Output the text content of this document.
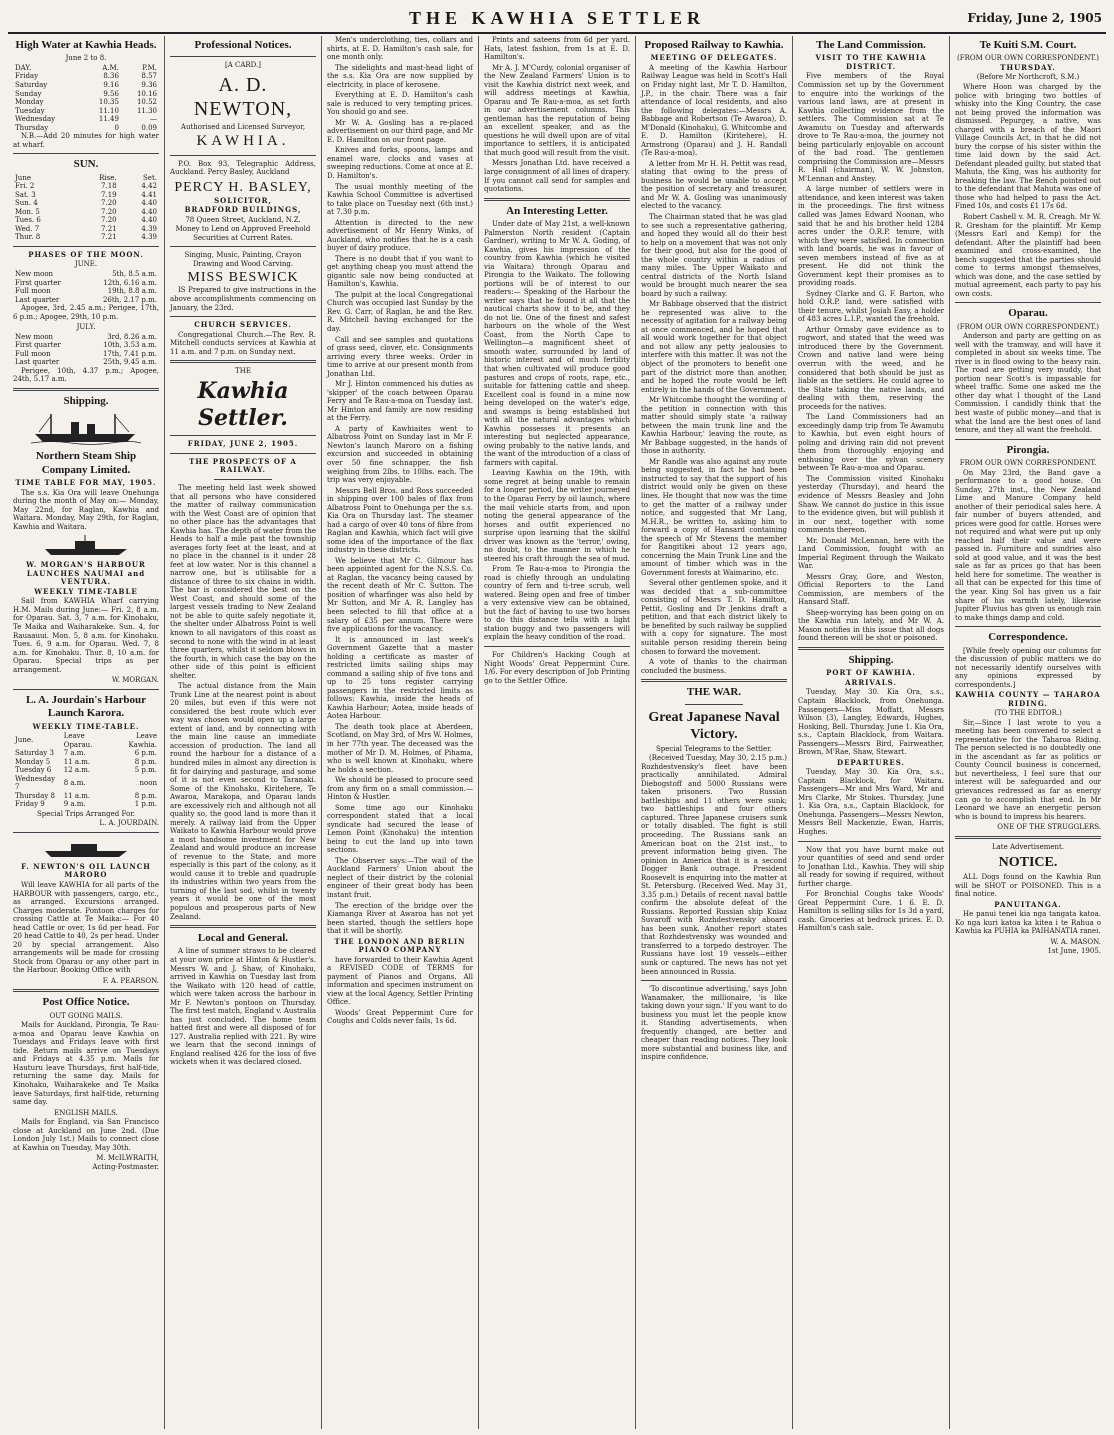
THE KAWHIA SETTLER	Friday, June 2, 1905
High Water at Kawhia Heads.
June 2 to 8.
DAY.	A.M.	P.M.
Friday	8.36	8.57
Saturday	9.16	9.36
Sunday	9.56	10.16
Monday	10.35	10.52
Tuesday	11.10	11.30
Wednesday	11.49	—
Thursday	0	0.09

N.B.—Add 20 minutes for high water at wharf.

SUN.
June	Rise.	Set.
Fri. 2	7.18	4.42
Sat. 3	7.19	4.41
Sun. 4	7.20	4.40
Mon. 5	7.20	4.40
Tues. 6	7.20	4.40
Wed. 7	7.21	4.39
Thur. 8	7.21	4.39
PHASES OF THE MOON.
JUNE.
New moon	5th, 8.5 a.m.
First quarter	12th, 6.16 a.m.
Full moon	19th, 8.8 a.m.
Last quarter	26th, 2.17 p.m.

Apogee, 3rd, 2.45 a.m.; Perigee, 17th, 6 p.m.; Apogee, 29th, 10 p.m.

JULY.
New moon	3rd, 8.26 a.m.
First quarter	10th, 3.53 a.m.
Full moon	17th, 7.41 p.m.
Last quarter	25th, 9.45 a.m.

Perigee, 10th, 4.37 p.m.; Apogee, 24th, 5.17 a.m.

Shipping.
Northern Steam Ship Company Limited.
TIME TABLE FOR MAY, 1905.

The s.s. Kia Ora will leave Onehunga during the month of May on:— Monday, May 22nd, for Raglan, Kawhia and Waitara. Monday, May 29th, for Raglan, Kawhia and Waitara.

W. MORGAN'S HARBOUR LAUNCHES NAUMAI and VENTURA.
WEEKLY TIME-TABLE

Sail from KAWHIA Wharf carrying H.M. Mails during June:— Fri. 2, 8 a.m. for Oparau. Sat. 3, 7 a.m. for Kinohaku, Te Maika and Waiharakeke. Sun. 4, for Rauaauui. Mon. 5, 8 a.m. for Kinohaku. Tues. 6, 9 a.m. for Oparau. Wed. 7, 8 a.m. for Kinohaku. Thur. 8, 10 a.m. for Oparau. Special trips as per arrangement.

W. MORGAN.
L. A. Jourdain's Harbour Launch Karora.
WEEKLY TIME-TABLE.
June.	Leave Oparau.	Leave Kawhia.
Saturday 3	7 a.m.	6 p.m.
Monday 5	11 a.m.	8 p.m.
Tuesday 6	12 a.m.	5 p.m.
Wednesday 7	8 a.m.	noon
Thursday 8	11 a.m.	8 p.m.
Friday 9	9 a.m.	1 p.m.
Special Trips Arranged For.
L. A. JOURDAIN.
F. NEWTON'S OIL LAUNCH MARORO

Will leave KAWHIA for all parts of the HARBOUR with passengers, cargo, etc., as arranged. Excursions arranged. Charges moderate. Pontoon charges for crossing Cattle at Te Maika:— For 40 head Cattle or over, 1s 6d per head. For 20 head Cattle to 40, 2s per head. Under 20 by special arrangement. Also arrangements will be made for crossing Stock from Oparau or any other part in the Harbour. Booking Office with

F. A. PEARSON.
Post Office Notice.
OUT GOING MAILS.

Mails for Auckland, Pirongia, Te Rau-a-moa and Oparau leave Kawhia on Tuesdays and Fridays leave with first tide. Return mails arrive on Tuesdays and Fridays at 4.35 p.m. Mails for Hauturu leave Thursdays, first half-tide, returning the same day. Mails for Kinohaku, Waiharakeke and Te Maika leave Saturdays, first half-tide, returning same day.

ENGLISH MAILS.

Mails for England, via San Francisco close at Auckland on June 2nd. (Due London July 1st.) Mails to connect close at Kawhia on Tuesday, May 30th.

M. McILWRAITH,
Acting-Postmaster.
Professional Notices.
[A CARD.]
A. D. NEWTON,
Authorised and Licensed Surveyor,
KAWHIA.

P.O. Box 93, Telegraphic Address, Auckland. Percy Basley, Auckland

PERCY H. BASLEY,
SOLICITOR,
BRADFORD BUILDINGS,
78 Queen Street, Auckland, N.Z.
Money to Lend on Approved Freehold Securities at Current Rates.
Singing, Music, Painting, Crayon Drawing and Wood Carving.
MISS BESWICK

IS Prepared to give instructions in the above accomplishments commencing on January, the 23rd.

CHURCH SERVICES.

Congregational Church.—The Rev. R. Mitchell conducts services at Kawhia at 11 a.m. and 7 p.m. on Sunday next.

THE
Kawhia Settler.
FRIDAY, JUNE 2, 1905.
THE PROSPECTS OF A RAILWAY.

The meeting held last week showed that all persons who have considered the matter of railway communication with the West Coast are of opinion that no other place has the advantages that Kawhia has. The depth of water from the Heads to half a mile past the township averages forty feet at the least, and at no place in the channel is it under 28 feet at low water. Nor is this channel a narrow one, but is utilisable for a distance of three to six chains in width. The bar is considered the best on the West Coast, and should some of the largest vessels trading to New Zealand not be able to quite safely negotiate it, the shelter under Albatross Point is well known to all navigators of this coast as second to none with the wind in at least three quarters, whilst it seldom blows in the fourth, in which case the bay on the other side of this point is efficient shelter.

The actual distance from the Main Trunk Line at the nearest point is about 20 miles, but even if this were not considered the best route which ever way was chosen would open up a large extent of land, and by connecting with the main line cause an immediate accession of production. The land all round the harbour for a distance of a hundred miles in almost any direction is fit for dairying and pasturage, and some of it is not even second to Taranaki. Some of the Kinohaku, Kiritehere, Te Awaroa, Marakopa, and Oparau lands are excessively rich and although not all quality so, the good land is more than it merely. A railway laid from the Upper Waikato to Kawhia Harbour would prove a most handsome investment for New Zealand and would produce an increase of revenue to the State, and more especially is this part of the colony, as it would cause it to treble and quadruple its industries within two years from the turning of the last sod, whilst in twenty years it would be one of the most populous and prosperous parts of New Zealand.

Local and General.

A line of summer straws to be cleared at your own price at Hinton & Hustler's. Messrs W. and J. Shaw, of Kinohaku, arrived in Kawhia on Tuesday last from the Waikato with 120 head of cattle, which were taken across the harbour in Mr F. Newton's pontoon on Thursday. The first test match, England v. Australia has just concluded. The home team batted first and were all disposed of for 127. Australia replied with 221. By wire we learn that the second innings of England realised 426 for the loss of five wickets when it was declared closed.

Men's underclothing, ties, collars and shirts, at E. D. Hamilton's cash sale, for one month only.

The sidelights and mast-head light of the s.s. Kia Ora are now supplied by electricity, in place of kerosene.

Everything at E. D. Hamilton's cash sale is reduced to very tempting prices. You should go and see.

Mr W. A. Gosling has a re-placed advertisement on our third page, and Mr E. D. Hamilton on our front page.

Knives and forks, spoons, lamps and enamel ware, clocks and vases at sweeping reductions. Come at once at E. D. Hamilton's.

The usual monthly meeting of the Kawhia School Committee is advertised to take place on Tuesday next (6th inst.) at 7.30 p.m.

Attention is directed to the new advertisement of Mr Henry Winks, of Auckland, who notifies that he is a cash buyer of dairy produce.

There is no doubt that if you want to get anything cheap you must attend the gigantic sale now being conducted at Hamilton's, Kawhia.

The pulpit at the local Congregational Church was occupied last Sunday by the Rev. G. Carr, of Raglan, he and the Rev. R. Mitchell having exchanged for the day.

Call and see samples and quotations of grass seed, clover, etc. Consignments arriving every three weeks. Order in time to arrive at our present month from Jonathan Ltd.

Mr J. Hinton commenced his duties as 'skipper' of the coach between Oparau Ferry and Te Rau-a-moa on Tuesday last. Mr Hinton and family are now residing at the Ferry.

A party of Kawhiaites went to Albatross Point on Sunday last in Mr F. Newton's launch Maroro on a fishing excursion and succeeded in obtaining over 50 fine schnapper, the fish weighing from 2lbs. to 10lbs. each. The trip was very enjoyable.

Messrs Bell Bros. and Ross succeeded in shipping over 100 bales of flax from Albatross Point to Onehunga per the s.s. Kia Ora on Thursday last. The steamer had a cargo of over 40 tons of fibre from Raglan and Kawhia, which fact will give some idea of the importance of the flax industry in these districts.

We believe that Mr C. Gilmour has been appointed agent for the N.S.S. Co. at Raglan, the vacancy being caused by the recent death of Mr C. Sutton. The position of wharfinger was also held by Mr Sutton, and Mr A. R. Langley has been selected to fill that office at a salary of £35 per annum. There were five applications for the vacancy.

It is announced in last week's Government Gazette that a master holding a certificate as master of restricted limits sailing ships may command a sailing ship of five tons and up to 25 tons register carrying passengers in the restricted limits as follows: Kawhia, inside the heads of Kawhia Harbour; Aotea, inside heads of Aotea Harbour.

The death took place at Aberdeen, Scotland, on May 3rd, of Mrs W. Holmes, in her 77th year. The deceased was the mother of Mr D. M. Holmes, of Pihama, who is well known at Kinohaku, where he holds a section.

We should be pleased to procure seed from any firm on a small commission.—Hinton & Hustler.

Some time ago our Kinohaku correspondent stated that a local syndicate had secured the lease of Lemon Point (Kinohaku) the intention being to cut the land up into town sections.

The Observer says:—The wail of the Auckland Farmers' Union about the neglect of their district by the colonial engineer of their great body has been instant fruit.

The erection of the bridge over the Kiamanga River at Awaroa has not yet been started, though the settlers hope that it will be shortly.

THE LONDON AND BERLIN PIANO COMPANY

have forwarded to their Kawhia Agent a REVISED CODE of TERMS for payment of Pianos and Organs. All information and specimen instrument on view at the local Agency, Settler Printing Office.

Woods' Great Peppermint Cure for Coughs and Colds never fails, 1s 6d.

Prints and sateens from 6d per yard. Hats, latest fashion, from 1s at E. D. Hamilton's.

Mr A. J. M'Curdy, colonial organiser of the New Zealand Farmers' Union is to visit the Kawhia district next week, and will address meetings at Kawhia, Oparau and Te Rau-a-moa, as set forth in our advertisement columns. This gentleman has the reputation of being an excellent speaker, and as the questions he will dwell upon are of vital importance to settlers, it is anticipated that much good will result from the visit.

Messrs Jonathan Ltd. have received a large consignment of all lines of drapery. If you cannot call send for samples and quotations.

An Interesting Letter.

Under date of May 21st, a well-known Palmerston North resident (Captain Gardner), writing to Mr W. A. Goding, of Kawhia, gives his impression of the country from Kawhia (which he visited via Waitara) through Oparau and Pirongia to the Waikato. The following portions will be of interest to our readers:— Speaking of the Harbour the writer says that he found it all that the nautical charts show it to be, and they do not lie. One of the finest and safest harbours on the whole of the West Coast, from the North Cape to Wellington—a magnificent sheet of smooth water, surrounded by land of historic interest and of much fertility that when cultivated will produce good pastures and crops of roots, rape, etc., suitable for fattening cattle and sheep. Excellent coal is found in a mine now being developed on the water's edge, and swamps is being established but with all the natural advantages which Kawhia possesses it presents an interesting but neglected appearance, owing probably to the native lands, and the want of the introduction of a class of farmers with capital.

Leaving Kawhia on the 19th, with some regret at being unable to remain for a longer period, the writer journeyed to the Oparau Ferry by oil launch, where the mail vehicle starts from, and upon noting the general appearance of the horses and outfit experienced no surprise upon learning that the skilful driver was known as the 'terror,' owing, no doubt, to the manner in which he steered his craft through the sea of mud.

From Te Rau-a-moa to Pirongia the road is chiefly through an undulating country of fern and ti-tree scrub, well watered. Being open and free of timber a very extensive view can be obtained, but the fact of having to use two horses to do this distance tells with a light station buggy and two passengers will explain the heavy condition of the road.

For Children's Hacking Cough at Night Woods' Great Peppermint Cure. 1/6. For every description of Job Printing go to the Settler Office.

Proposed Railway to Kawhia.
MEETING OF DELEGATES.

A meeting of the Kawhia Harbour Railway League was held in Scott's Hall on Friday night last, Mr T. D. Hamilton, J.P., in the chair. There was a fair attendance of local residents, and also the following delegates:—Messrs A. Babbage and Robertson (Te Awaroa), D. M'Donald (Kinohaku), G. Whitcombe and E. D. Hamilton (Kiritehere), H. Armstrong (Oparau) and J. H. Randall (Te Rau-a-moa).

A letter from Mr H. H. Pettit was read, stating that owing to the press of business he would be unable to accept the position of secretary and treasurer, and Mr W. A. Gosling was unanimously elected to the vacancy.

The Chairman stated that he was glad to see such a representative gathering, and hoped they would all do their best to help on a movement that was not only for their good, but also for the good of the whole country within a radius of many miles. The Upper Waikato and central districts of the North Island would be brought much nearer the sea board by such a railway.

Mr Babbage observed that the district he represented was alive to the necessity of agitation for a railway being at once commenced, and he hoped that all would work together for that object and not allow any petty jealousies to interfere with this matter. It was not the object of the promoters to benefit one part of the district more than another, and he hoped the route would be left entirely in the hands of the Government.

Mr Whitcombe thought the wording of the petition in connection with this matter should simply state 'a railway between the main trunk line and the Kawhia Harbour,' leaving the route, as Mr Babbage suggested, in the hands of those in authority.

Mr Randle was also against any route being suggested, in fact he had been instructed to say that the support of his district would only be given on these lines. He thought that now was the time to get the matter of a railway under notice, and suggested that Mr Lang, M.H.R., be written to, asking him to forward a copy of Hansard containing the speech of Mr Stevens the member for Rangitikei about 12 years ago, concerning the Main Trunk Line and the amount of timber which was in the Government forests at Waimarino, etc.

Several other gentlemen spoke, and it was decided that a sub-committee consisting of Messrs T. D. Hamilton, Pettit, Gosling and Dr Jenkins draft a petition, and that each district likely to be benefited by such railway be supplied with a copy for signature. The most suitable person residing therein being chosen to forward the movement.

A vote of thanks to the chairman concluded the business.

THE WAR.
Great Japanese Naval Victory.
Special Telegrams to the Settler.

(Received Tuesday, May 30, 2.15 p.m.) Rozhdestvensky's fleet have been practically annihilated. Admiral Diebogstoff and 5000 Russians were taken prisoners. Two Russian battleships and 11 others were sunk; two battleships and four others captured. Three Japanese cruisers sunk or totally disabled. The fight is still proceeding. The Russians sank an American boat on the 21st inst., to prevent information being given. The opinion in America that it is a second Dogger Bank outrage. President Roosevelt is enquiring into the matter at St. Petersburg. (Received Wed. May 31, 3.35 p.m.) Details of recent naval battle confirm the absolute defeat of the Russians. Reported Russian ship Kniaz Suvaroff with Rozhdestvensky aboard has been sunk. Another report states that Rozhdestvensky was wounded and transferred to a torpedo destroyer. The Russians have lost 19 vessels—either sunk or captured. The news has not yet been announced in Russia.

'To discontinue advertising,' says John Wanamaker, the millionaire, 'is like taking down your sign.' If you want to do business you must let the people know it. Standing advertisements, when frequently changed, are better and cheaper than reading notices. They look more substantial and business like, and inspire confidence.

The Land Commission.
VISIT TO THE KAWHIA DISTRICT.

Five members of the Royal Commission set up by the Government to enquire into the workings of the various land laws, are at present in Kawhia collecting evidence from the settlers. The Commission sat at Te Awamutu on Tuesday and afterwards drove to Te Rau-a-moa, the journey not being particularly enjoyable on account of the bad road. The gentlemen comprising the Commission are—Messrs R. Hall (chairman), W. W. Johnston, M'Lennan and Anstey.

A large number of settlers were in attendance, and keen interest was taken in the proceedings. The first witness called was James Edward Noonan, who said that he and his brother held 1284 acres under the O.R.P. tenure, with which they were satisfied. In connection with land boards, he was in favour of seven members instead of five as at present. He did not think the Government kept their promises as to providing roads.

Sydney Clarke and G. F. Barton, who hold O.R.P. land, were satisfied with their tenure, whilst Josiah Easy, a holder of 483 acres L.I.P., wanted the freehold.

Arthur Ormsby gave evidence as to rogwort, and stated that the weed was introduced there by the Government. Crown and native land were being overrun with the weed, and he considered that both should be just as liable as the settlers. He could agree to the State taking the native lands, and dealing with them, reserving the proceeds for the natives.

The Land Commissioners had an exceedingly damp trip from Te Awamutu to Kawhia, but even eight hours of poling and driving rain did not prevent them from thoroughly enjoying and enthusing over the sylvan scenery between Te Rau-a-moa and Oparau.

The Commission visited Kinohaku yesterday (Thursday), and heard the evidence of Messrs Beasley and John Shaw. We cannot do justice in this issue to the evidence given, but will publish it in our next, together with some comments thereon.

Mr. Donald McLennan, here with the Land Commission, fought with an Imperial Regiment through the Waikato War.

Messrs Gray, Gore, and Weston, Official Reporters to the Land Commission, are members of the Hansard Staff.

Sheep-worrying has been going on on the Kawhia run lately, and Mr W. A. Mason notifies in this issue that all dogs found thereon will be shot or poisoned.

Shipping.
PORT OF KAWHIA.
ARRIVALS.

Tuesday, May 30. Kia Ora, s.s., Captain Blacklock, from Onehunga. Passengers—Miss Moffatt, Messrs Wilson (3), Langley, Edwards, Hughes, Hosking, Bell. Thursday, June 1. Kia Ora, s.s., Captain Blacklock, from Waitara. Passengers—Messrs Bird, Fairweather, Brown, M'Rae, Shaw, Stewart.

DEPARTURES.

Tuesday, May 30. Kia Ora, s.s., Captain Blacklock, for Waitara. Passengers—Mr and Mrs Ward, Mr and Mrs Clarke, Mr Stokes. Thursday, June 1. Kia Ora, s.s., Captain Blacklock, for Onehunga. Passengers—Messrs Newton, Messrs Bell Mackenzie, Ewan, Harris, Hughes.

Now that you have burnt make out your quantities of seed and send order to Jonathan Ltd., Kawhia. They will ship all ready for sowing if required, without further charge.

For Bronchial Coughs take Woods' Great Peppermint Cure. 1 6. E. D. Hamilton is selling silks for 1s 3d a yard, cash. Groceries at bedrock prices. E. D. Hamilton's cash sale.

Te Kuiti S.M. Court.
(FROM OUR OWN CORRESPONDENT.)
THURSDAY.
(Before Mr Northcroft, S.M.)

Where Hoon was charged by the police with bringing two bottles of whisky into the King Country, the case not being proved the information was dismissed. Pepurgey, a native, was charged with a breach of the Maori Village Councils Act, in that he did not bury the corpse of his sister within the time laid down by the said Act. Defendant pleaded guilty, but stated that Mahuta, the King, was his authority for breaking the law. The Bench pointed out to the defendant that Mahuta was one of those who had helped to pass the Act. Fined 10s, and costs £1 17s 6d.

Robert Cashell v. M. R. Creagh. Mr W. R. Gresham for the plaintiff. Mr Kemp (Messrs Earl and Kemp) for the defendant. After the plaintiff had been examined and cross-examined, the bench suggested that the parties should come to terms amongst themselves, which was done, and the case settled by mutual agreement, each party to pay his own costs.

Oparau.
(FROM OUR OWN CORRESPONDENT.)

Anderson and party are getting on as well with the tramway, and will have it completed in about six weeks time. The river is in flood owing to the heavy rain. The road are getting very muddy, that portion near Scott's is impassable for wheel traffic. Some one asked me the other day what I thought of the Land Commission. I candidly think that the best waste of public money—and that is what the land are the best ones of land tenure, and they all want the freehold.

Pirongia.
FROM OUR OWN CORRESPONDENT.

On May 23rd, the Band gave a performance to a good house. On Sunday, 27th inst., the New Zealand Lime and Manure Company held another of their periodical sales here. A fair number of buyers attended, and prices were good for cattle. Horses were not required and what were put up only reached half their value and were passed in. Furniture and sundries also sold at good value, and it was the best sale as far as prices go that has been held here for sometime. The weather is all that can be expected for this time of the year. King Sol has given us a fair share of his warmth lately, likewise Jupiter Pluvius has given us enough rain to make things damp and cold.

Correspondence.

[While freely opening our columns for the discussion of public matters we do not necessarily identify ourselves with any opinions expressed by correspondents.]

KAWHIA COUNTY — TAHAROA RIDING.
(TO THE EDITOR.)

Sir,—Since I last wrote to you a meeting has been convened to select a representative for the Taharoa Riding. The person selected is no doubtedly one in the ascendant as far as politics or County Council business is concerned, but nevertheless, I feel sure that our interest will be safeguarded and our grievances redressed as far as energy can go to accomplish that end. In Mr Leonard we have an energetic person who is bound to impress his hearers.

ONE OF THE STRUGGLERS.
Late Advertisement.
NOTICE.

ALL Dogs found on the Kawhia Run will be SHOT or POISONED. This is a final notice.

PANUITANGA.

He panui tenei kia nga tangata katoa. Ko nga kuri katoa ka kitea i te Rahua o Kawhia ka PUHIA ka PAIHANATIA ranei.

W. A. MASON.
1st June, 1905.
